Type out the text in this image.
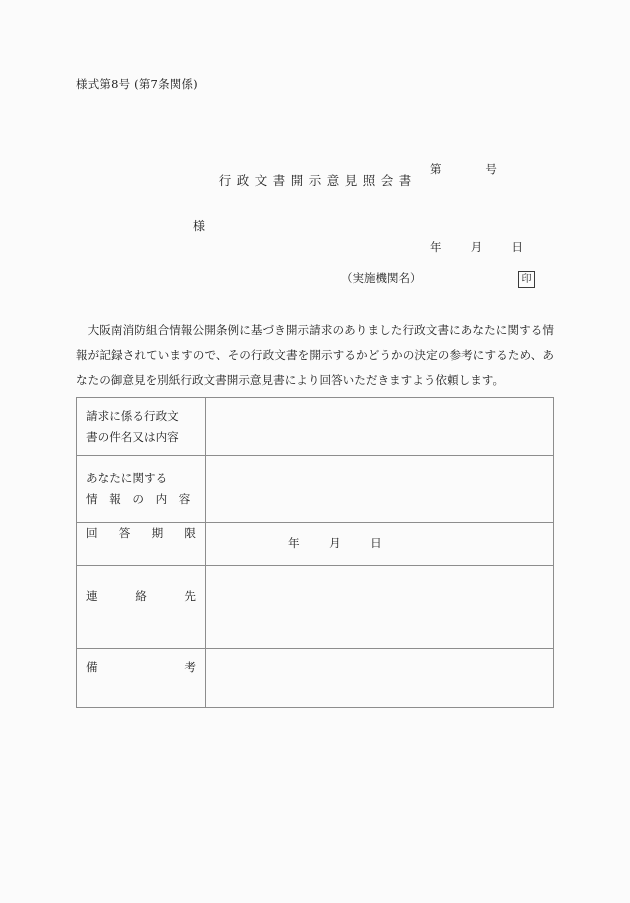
様式第8号 (第7条関係)

第            号

年        月        日

行政文書開示意見照会書
様
（実施機関名）	印

大阪南消防組合情報公開条例に基づき開示請求のありました行政文書にあなたに関する情報が記録されていますので、その行政文書を開示するかどうかの決定の参考にするため、あなたの御意見を別紙行政文書開示意見書により回答いただきますよう依頼します。

請求に係る行政文
書の件名又は内容	

あなたに関する
情　報　の　内　容	

回答期限	年        月        日

連絡先	

備考	
